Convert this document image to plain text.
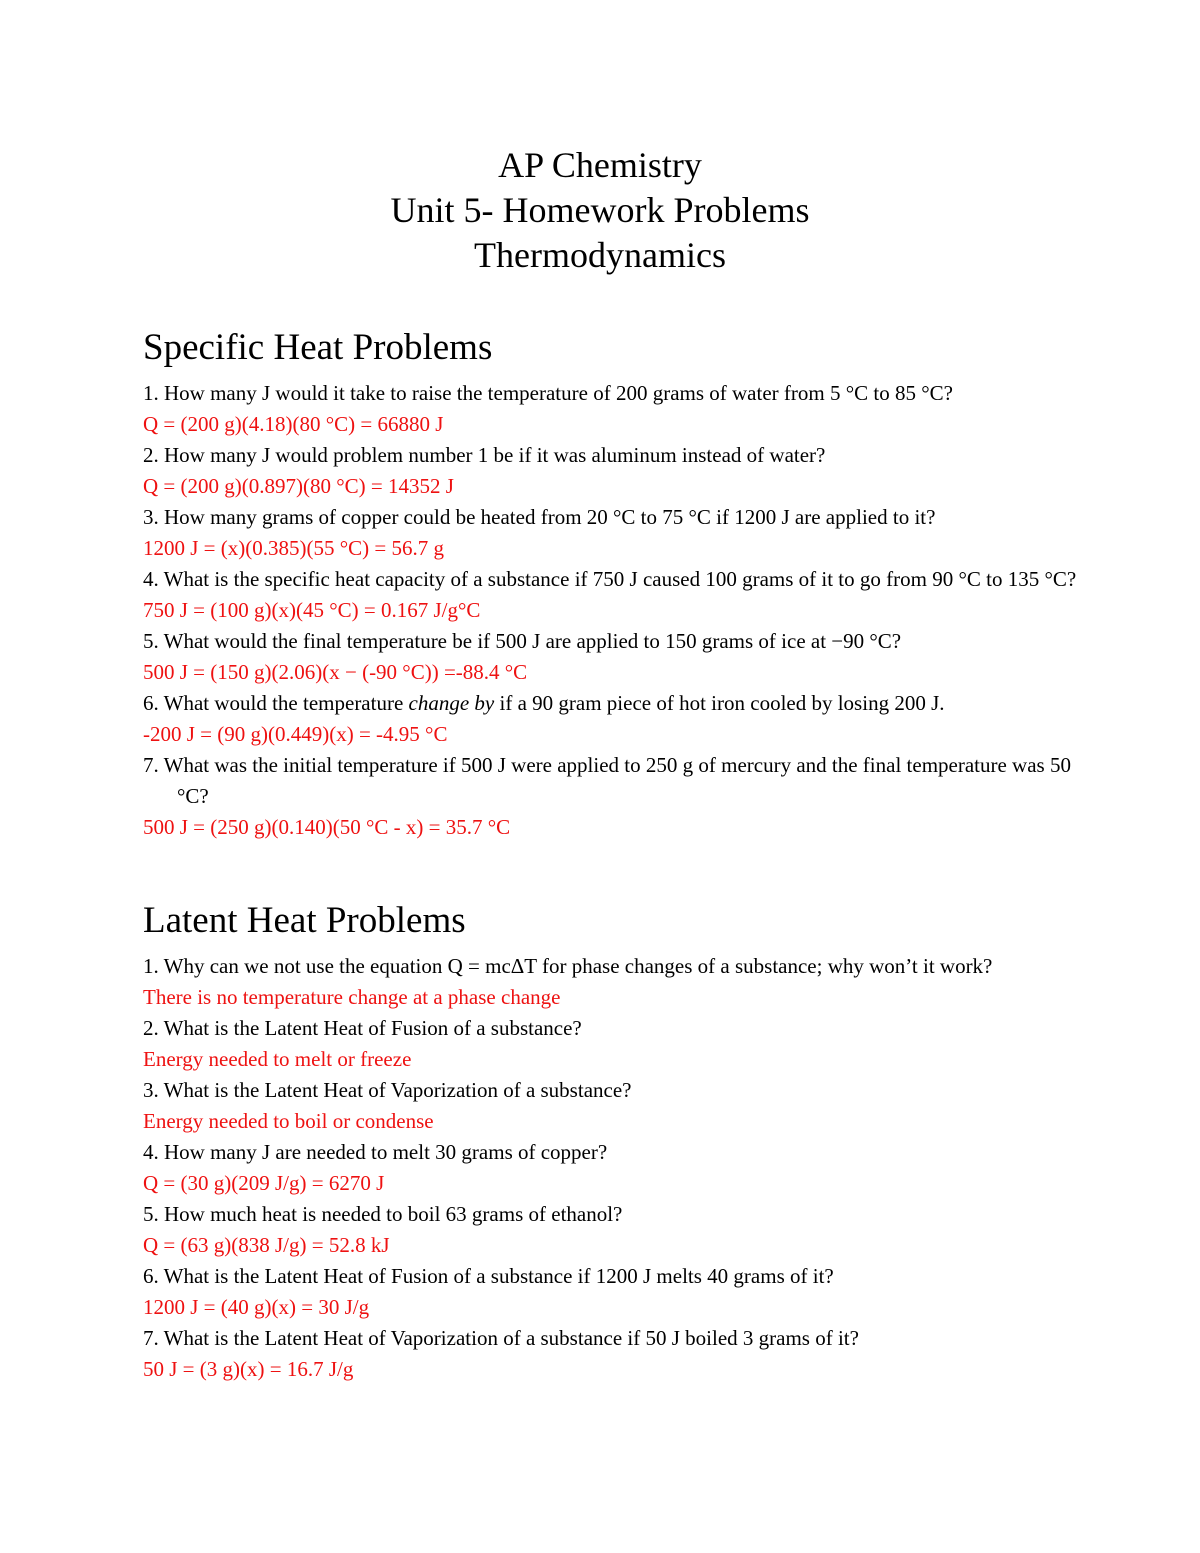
AP Chemistry
Unit 5- Homework Problems
Thermodynamics
Specific Heat Problems
1. How many J would it take to raise the temperature of 200 grams of water from 5 °C to 85 °C?
Q = (200 g)(4.18)(80 °C) = 66880 J
2. How many J would problem number 1 be if it was aluminum instead of water?
Q = (200 g)(0.897)(80 °C) = 14352 J
3. How many grams of copper could be heated from 20 °C to 75 °C if 1200 J are applied to it?
1200 J = (x)(0.385)(55 °C) = 56.7 g
4. What is the specific heat capacity of a substance if 750 J caused 100 grams of it to go from 90 °C to 135 °C?
750 J = (100 g)(x)(45 °C) = 0.167 J/g°C
5. What would the final temperature be if 500 J are applied to 150 grams of ice at −90 °C?
500 J = (150 g)(2.06)(x − (-90 °C)) =-88.4 °C
6. What would the temperature change by if a 90 gram piece of hot iron cooled by losing 200 J.
-200 J = (90 g)(0.449)(x) = -4.95 °C
7. What was the initial temperature if 500 J were applied to 250 g of mercury and the final temperature was 50 °C?
500 J = (250 g)(0.140)(50 °C - x) = 35.7 °C
Latent Heat Problems
1. Why can we not use the equation Q = mcΔT for phase changes of a substance; why won’t it work?
There is no temperature change at a phase change
2. What is the Latent Heat of Fusion of a substance?
Energy needed to melt or freeze
3. What is the Latent Heat of Vaporization of a substance?
Energy needed to boil or condense
4. How many J are needed to melt 30 grams of copper?
Q = (30 g)(209 J/g) = 6270 J
5. How much heat is needed to boil 63 grams of ethanol?
Q = (63 g)(838 J/g) = 52.8 kJ
6. What is the Latent Heat of Fusion of a substance if 1200 J melts 40 grams of it?
1200 J = (40 g)(x) = 30 J/g
7. What is the Latent Heat of Vaporization of a substance if 50 J boiled 3 grams of it?
50 J = (3 g)(x) = 16.7 J/g
